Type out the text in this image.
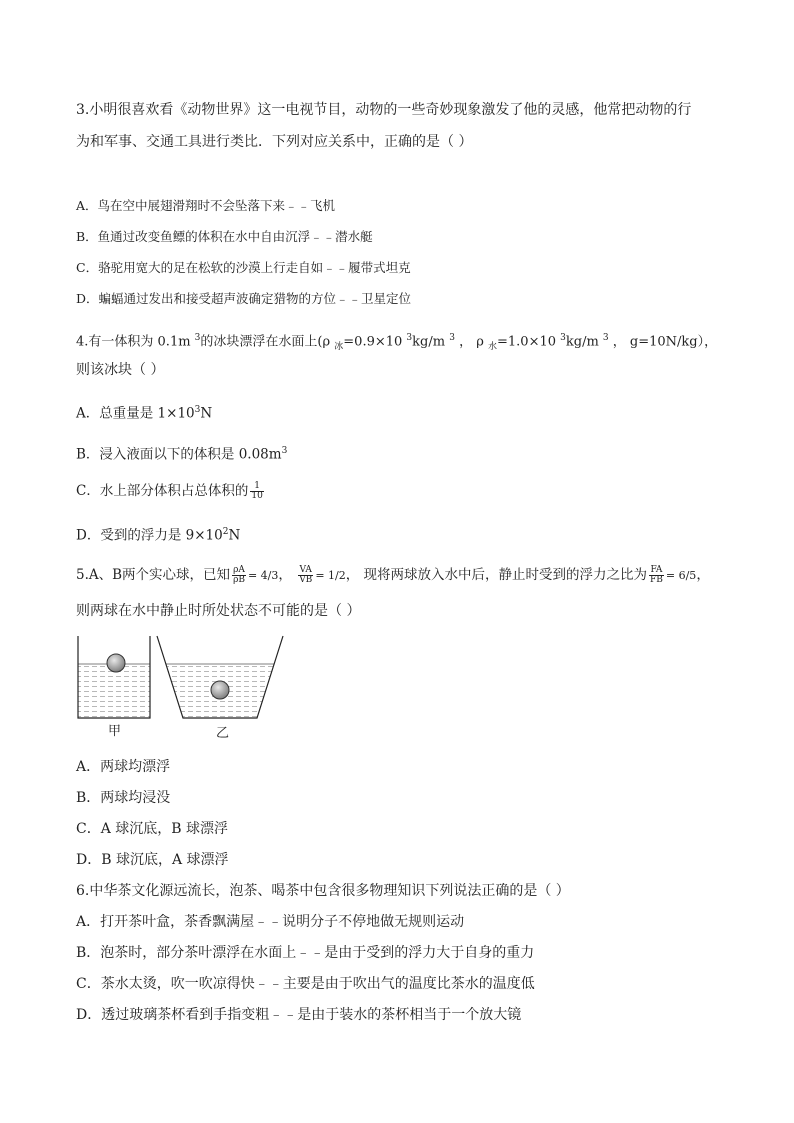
3.小明很喜欢看《动物世界》这一电视节目，动物的一些奇妙现象激发了他的灵感，他常把动物的行
为和军事、交通工具进行类比．下列对应关系中，正确的是（ ）
A．鸟在空中展翅滑翔时不会坠落下来﹣﹣飞机
B．鱼通过改变鱼鳔的体积在水中自由沉浮﹣﹣潜水艇
C．骆驼用宽大的足在松软的沙漠上行走自如﹣﹣履带式坦克
D．蝙蝠通过发出和接受超声波确定猎物的方位﹣﹣卫星定位
4.有一体积为 0.1m $^3$的冰块漂浮在水面上(ρ $_冰$=0.9×10 $^3$kg/m $^3$ ， ρ $_水$=1.0×10 $^3$kg/m $^3$ ， g=10N/kg），
则该冰块（ ）
A．总重量是 $1\times 10^3N$
B．浸入液面以下的体积是 $0.08m^3$
C．水上部分体积占总体积的 $\frac{1}{10}$
D．受到的浮力是 $9\times 10^2N$
5.A、B两个实心球，已知 $\frac{\rho A}{\rho B} = 4/3$， $\frac{VA}{VB} = 1/2$， 现将两球放入水中后，静止时受到的浮力之比为 $\frac{FA}{FB} = 6/5$，
则两球在水中静止时所处状态不可能的是（ ）
甲	乙
A．两球均漂浮
B．两球均浸没
C．A 球沉底，B 球漂浮
D．B 球沉底，A 球漂浮
6.中华茶文化源远流长，泡茶、喝茶中包含很多物理知识下列说法正确的是（ ）
A．打开茶叶盒，茶香飘满屋﹣﹣说明分子不停地做无规则运动
B．泡茶时，部分茶叶漂浮在水面上﹣﹣是由于受到的浮力大于自身的重力
C．茶水太烫，吹一吹凉得快﹣﹣主要是由于吹出气的温度比茶水的温度低
D．透过玻璃茶杯看到手指变粗﹣﹣是由于装水的茶杯相当于一个放大镜
